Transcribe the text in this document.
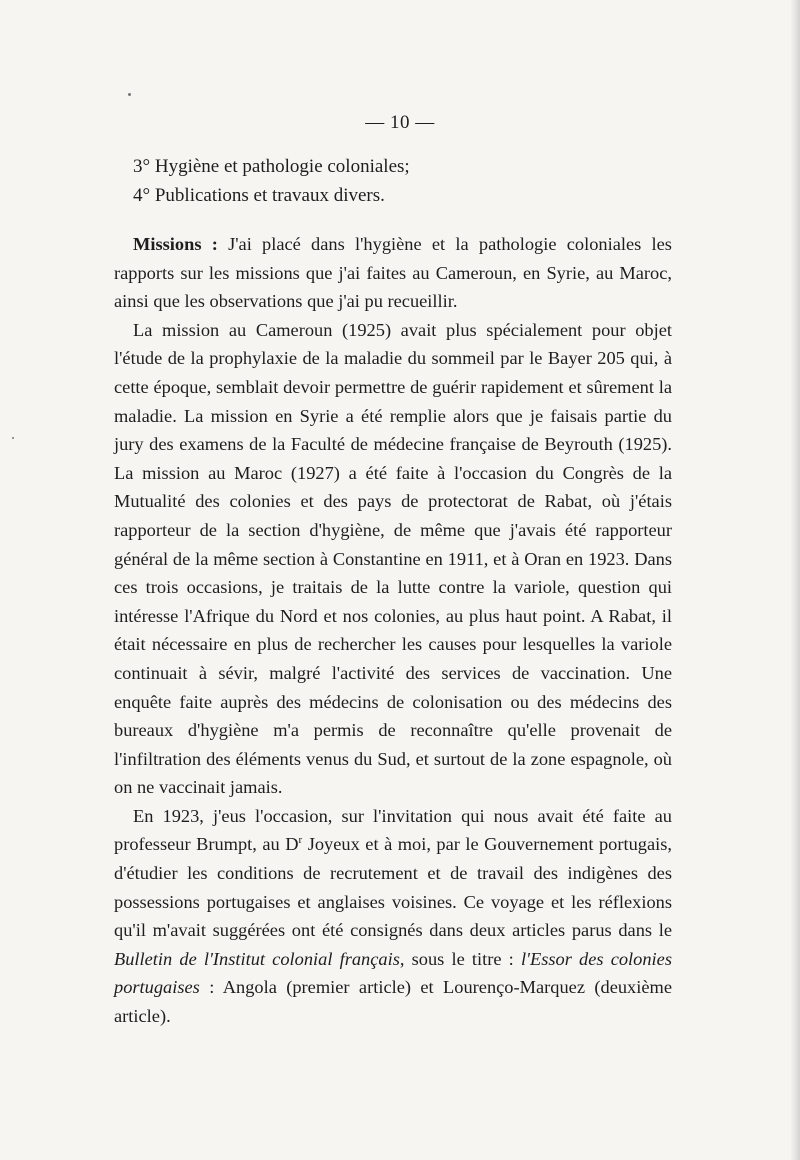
— 10 —
3° Hygiène et pathologie coloniales;
4° Publications et travaux divers.

Missions : J'ai placé dans l'hygiène et la pathologie coloniales les rapports sur les missions que j'ai faites au Cameroun, en Syrie, au Maroc, ainsi que les observations que j'ai pu recueillir.

La mission au Cameroun (1925) avait plus spécialement pour objet l'étude de la prophylaxie de la maladie du sommeil par le Bayer 205 qui, à cette époque, semblait devoir permettre de guérir rapidement et sûrement la maladie. La mission en Syrie a été remplie alors que je faisais partie du jury des examens de la Faculté de médecine française de Beyrouth (1925). La mission au Maroc (1927) a été faite à l'occasion du Congrès de la Mutualité des colonies et des pays de protectorat de Rabat, où j'étais rapporteur de la section d'hygiène, de même que j'avais été rapporteur général de la même section à Constantine en 1911, et à Oran en 1923. Dans ces trois occasions, je traitais de la lutte contre la variole, question qui intéresse l'Afrique du Nord et nos colonies, au plus haut point. A Rabat, il était nécessaire en plus de rechercher les causes pour lesquelles la variole continuait à sévir, malgré l'activité des services de vaccination. Une enquête faite auprès des médecins de colonisation ou des médecins des bureaux d'hygiène m'a permis de reconnaître qu'elle provenait de l'infiltration des éléments venus du Sud, et surtout de la zone espagnole, où on ne vaccinait jamais.

En 1923, j'eus l'occasion, sur l'invitation qui nous avait été faite au professeur Brumpt, au $D^r$ Joyeux et à moi, par le Gouvernement portugais, d'étudier les conditions de recrutement et de travail des indigènes des possessions portugaises et anglaises voisines. Ce voyage et les réflexions qu'il m'avait suggérées ont été consignés dans deux articles parus dans le Bulletin de l'Institut colonial français, sous le titre : l'Essor des colonies portugaises : Angola (premier article) et Lourenço-Marquez (deuxième article).
